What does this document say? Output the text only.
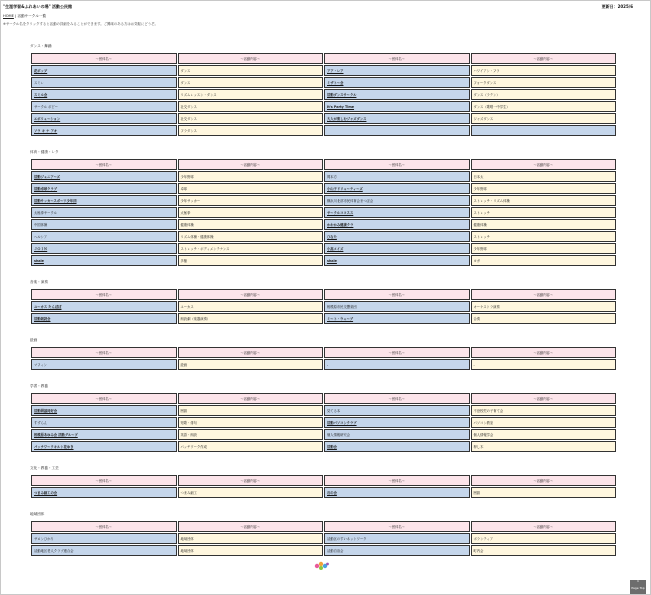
"生涯学習&ふれあいの場" 活動公民館	更新日：2025/6
HOME | 活動サークル一覧
※サークル名をクリックすると活動の詳細をみることができます。ご興味のある方はお気軽にどうぞ。
ダンス・舞踊
～団体名～	～活動内容～	～団体名～	～活動内容～
花ポップ	ダンス	アア・レア	ハワイアン・フラ
スミレ	ダンス	ミザトー会	フォークダンス
スミル会	リズムレッスン・ダンス	活動ダンスサークル	ダンス（ラテン）
サークル ポピー	社交ダンス	It's Party Time	ダンス（歌唱一中学生）
エボリューション	社交ダンス	大人が楽しむジャズダンス	ジャズダンス
ソラ キ ナ アオ	フラダンス		
体育・健康・レク
～団体名～	～活動内容～	～団体名～	～活動内容～
活動ジュニアーズ	少年野球	岡本方	日本太
活動卓球クラブ	卓球	小山子ドリューティーズ	少年野球
活動サッカースポーツ少年団	少年サッカー	横浜川北部市民体育会まつぼ会	ストレッチ・リズム体操
太極拳サークル	太極拳	サークルココスス	ストレッチ
中国体操	健康体操	かわかみ健康クラ	健康体操
ヘルシア	リズム体操・健康体操	ひなた	ストレッチ
ＪＯＩＮ	ストレッチ・ボディメンテナンス	小高メイズ	少年野球
shale	多様	shale	ヨガ
音楽・演奏
～団体名～	～活動内容～	～団体名～	～活動内容～
ユーカス たんぽぽ	ユーカス	相模原市民交響楽団	オーケストラ演奏
活動朗読会	朗読劇（楽器演奏）	ミート・ウェーブ	合奏
絵画
～団体名～	～活動内容～	～団体名～	～活動内容～
マフィン	絵画	-	-
学習・教養
～団体名～	～活動内容～	～団体名～	～活動内容～
活動囲碁同好会	囲碁	見てる本	不登校児の子育て会
すずらん	短歌・俳句	活動パソコンクラブ	パソコン教室
相模原あゆみ会 活動グループ	英語・朗読	個人情報研究会	個人情報学会
パッチワークキルト花ゆき	パッチワーク作成	活動会	押し木
文化・教養・工芸
～団体名～	～活動内容～	～団体名～	～活動内容～
つまみ細工の会	つまみ細工	石の会	囲碁
地域団体
～団体名～	～活動内容～	～団体名～	～活動内容～
サロンひかり	地域団体	活動区のすいネットワーク	ボランティア
活動地区老人クラブ連合会	地域団体	活動自治会	町内会
⌃
Page Top
